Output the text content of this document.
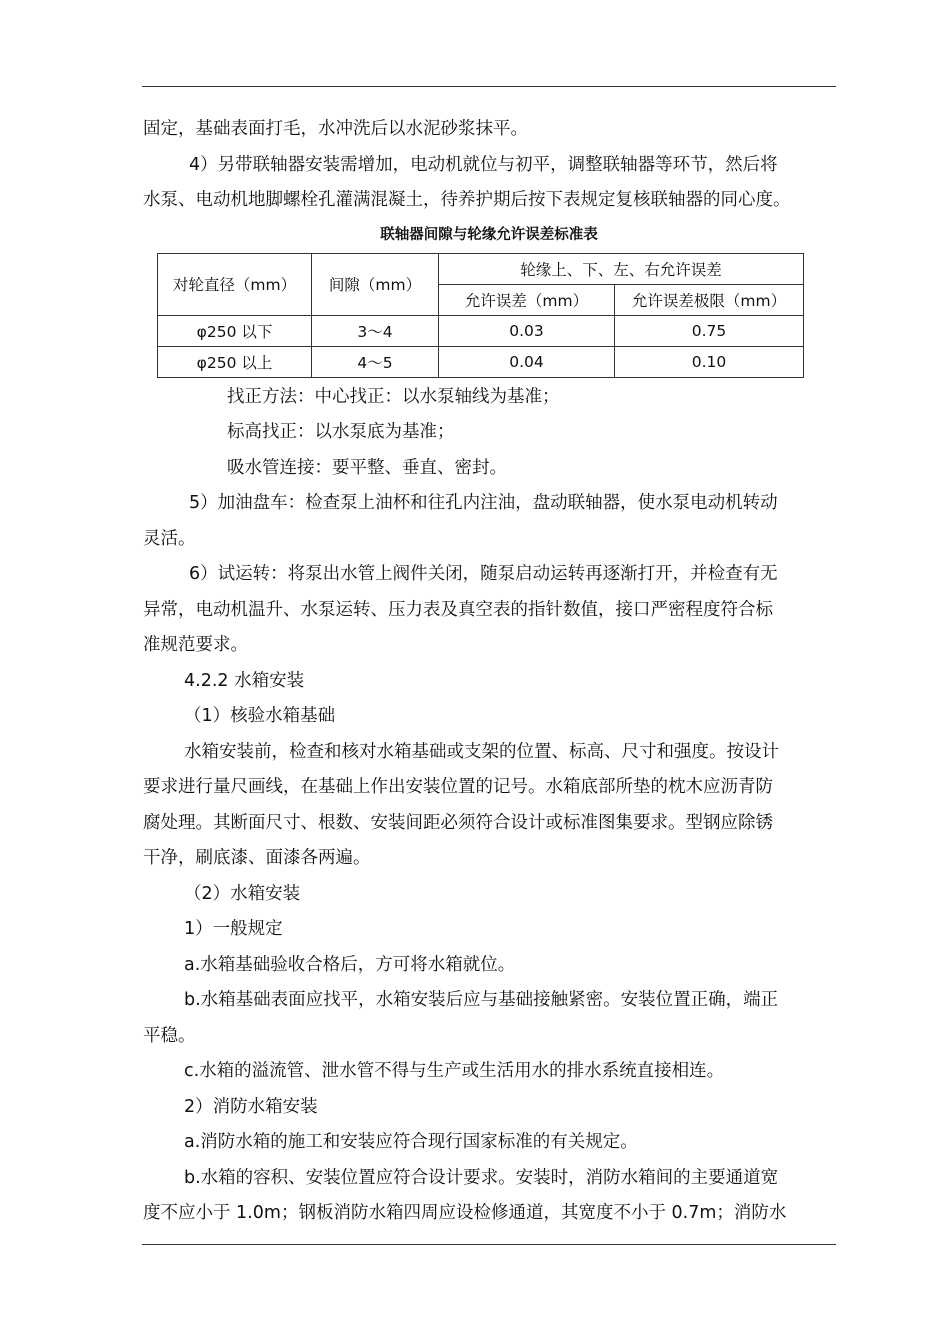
固定，基础表面打毛，水冲洗后以水泥砂浆抹平。

4）另带联轴器安装需增加，电动机就位与初平，调整联轴器等环节，然后将

水泵、电动机地脚螺栓孔灌满混凝土，待养护期后按下表规定复核联轴器的同心度。

联轴器间隙与轮缘允许误差标准表
对轮直径（mm）	间隙（mm）	轮缘上、下、左、右允许误差	
		允许误差（mm）	允许误差极限（mm）
φ250 以下	3～4	0.03	0.75
φ250 以上	4～5	0.04	0.10

找正方法：中心找正：以水泵轴线为基准；

标高找正：以水泵底为基准；

吸水管连接：要平整、垂直、密封。

5）加油盘车：检查泵上油杯和往孔内注油，盘动联轴器，使水泵电动机转动

灵活。

6）试运转：将泵出水管上阀件关闭，随泵启动运转再逐渐打开，并检查有无

异常，电动机温升、水泵运转、压力表及真空表的指针数值，接口严密程度符合标

准规范要求。

4.2.2 水箱安装

（1）核验水箱基础

水箱安装前，检查和核对水箱基础或支架的位置、标高、尺寸和强度。按设计

要求进行量尺画线，在基础上作出安装位置的记号。水箱底部所垫的枕木应沥青防

腐处理。其断面尺寸、根数、安装间距必须符合设计或标准图集要求。型钢应除锈

干净，刷底漆、面漆各两遍。

（2）水箱安装

1）一般规定

a.水箱基础验收合格后，方可将水箱就位。

b.水箱基础表面应找平，水箱安装后应与基础接触紧密。安装位置正确，端正

平稳。

c.水箱的溢流管、泄水管不得与生产或生活用水的排水系统直接相连。

2）消防水箱安装

a.消防水箱的施工和安装应符合现行国家标准的有关规定。

b.水箱的容积、安装位置应符合设计要求。安装时，消防水箱间的主要通道宽

度不应小于 1.0m；钢板消防水箱四周应设检修通道，其宽度不小于 0.7m；消防水
